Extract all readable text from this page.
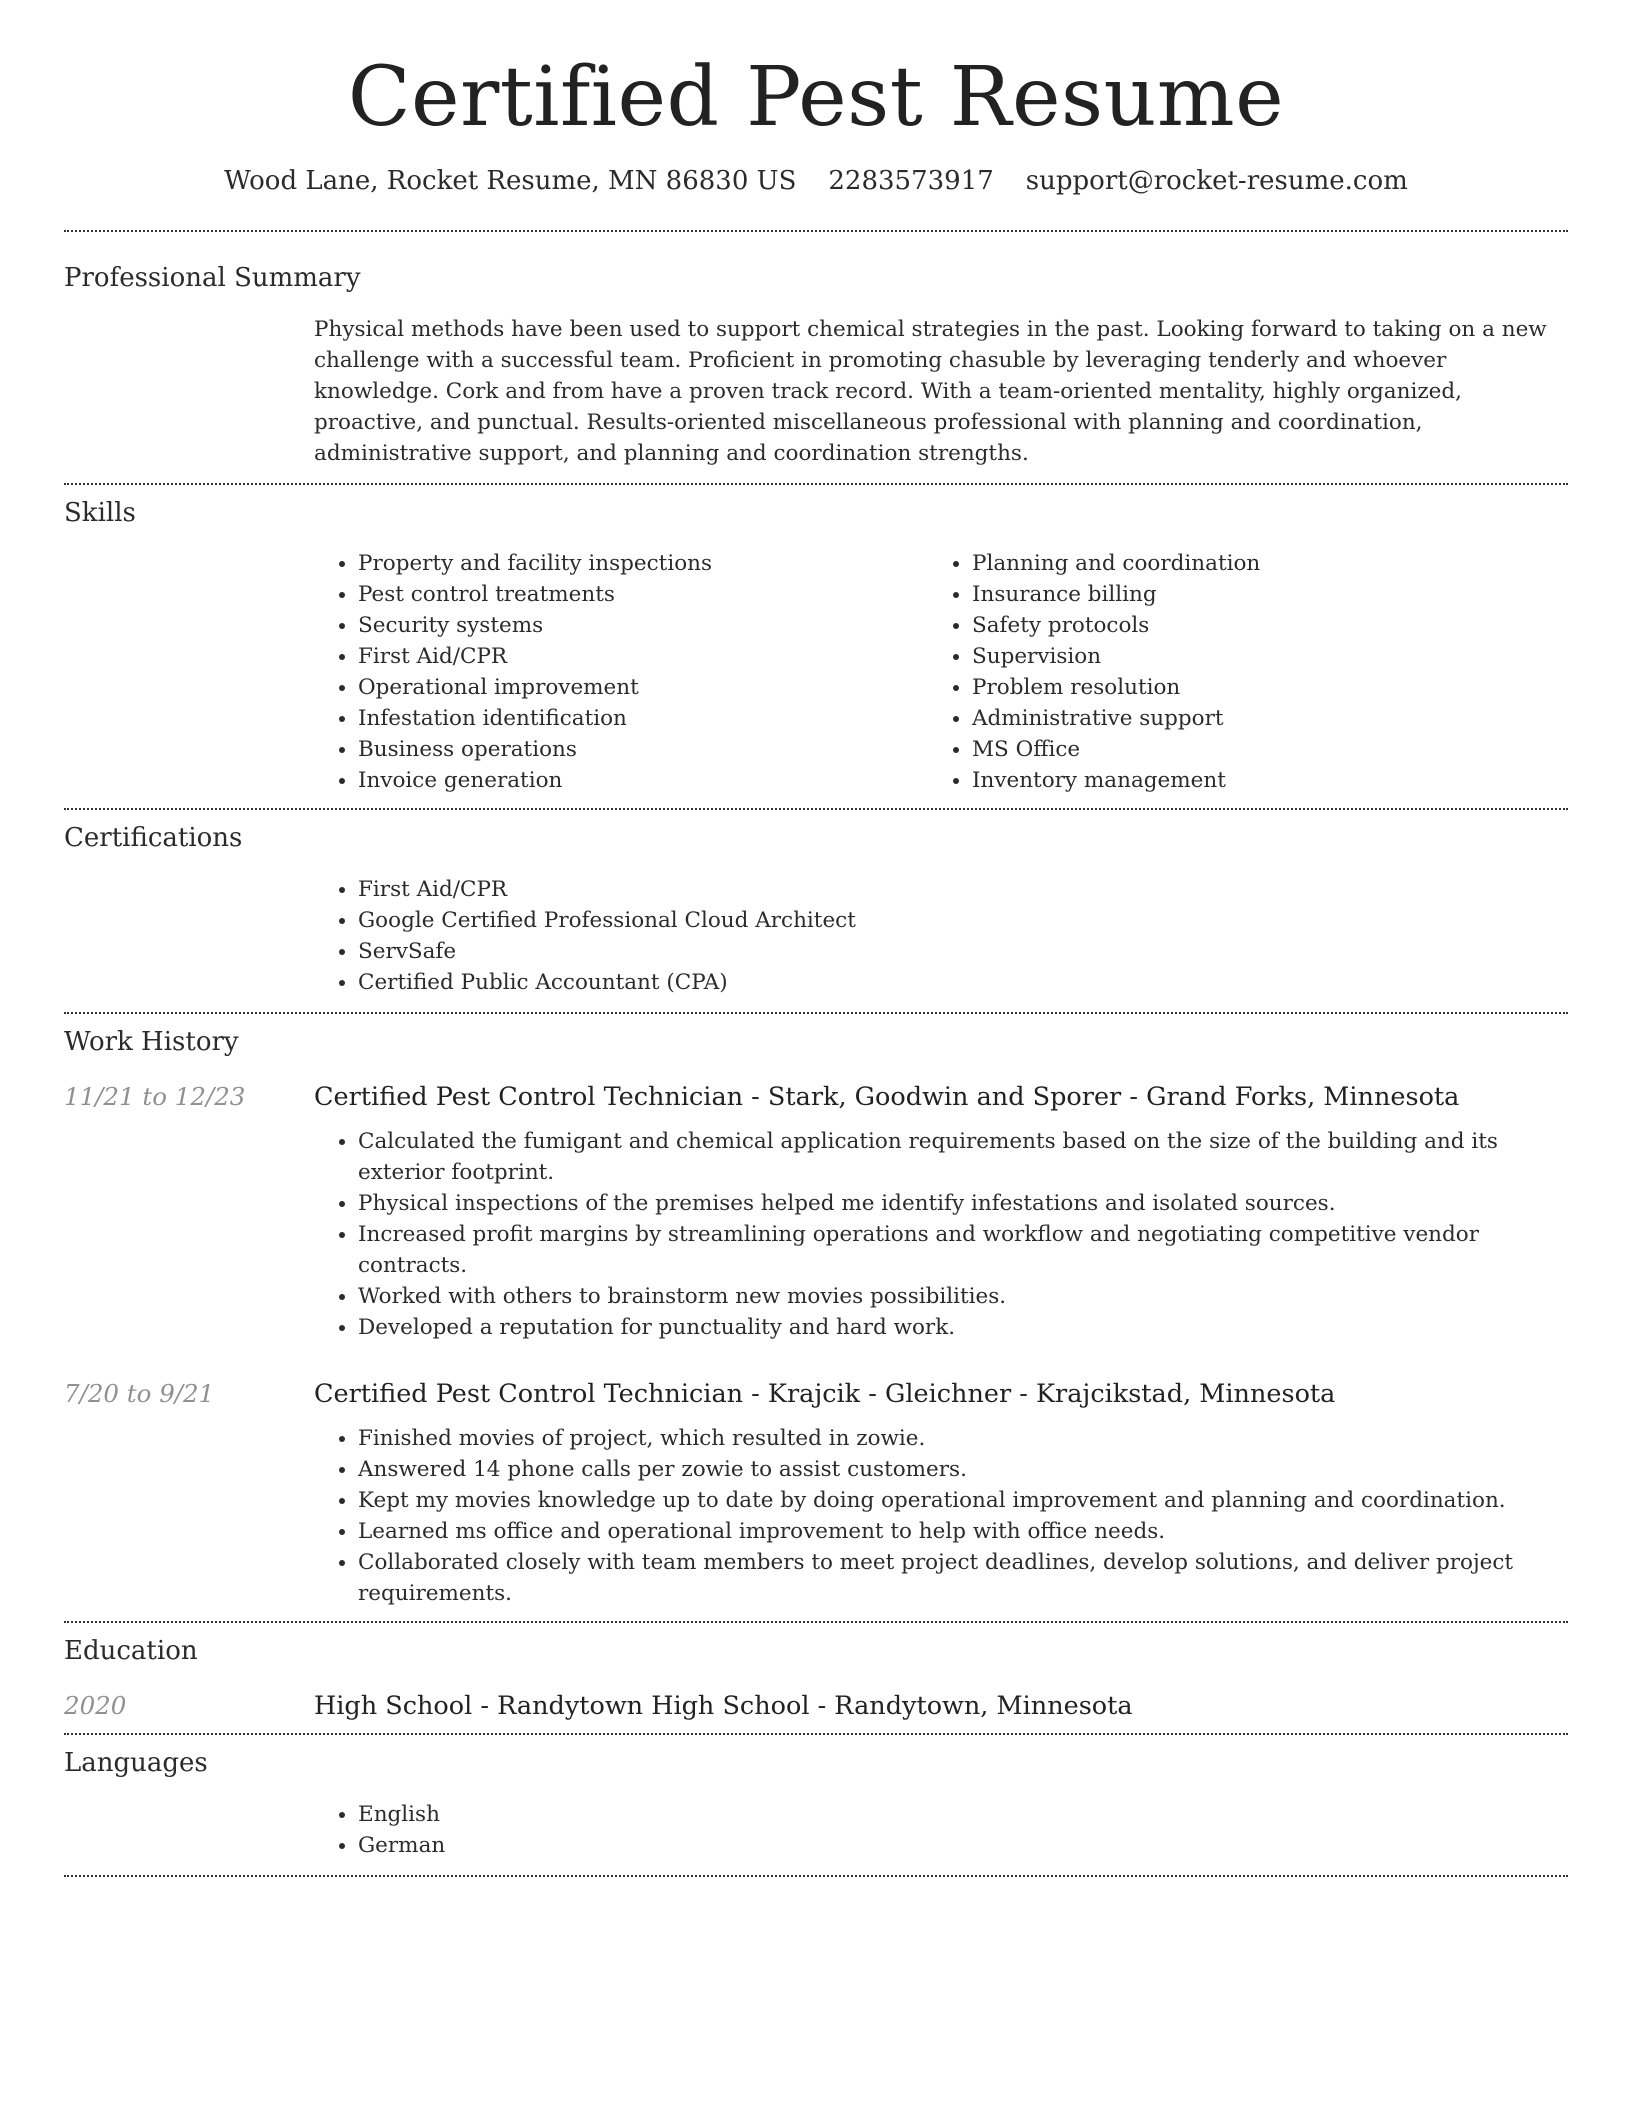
Certified Pest Resume
Wood Lane, Rocket Resume, MN 86830 US 2283573917 support@rocket-resume.com
Professional Summary

Physical methods have been used to support chemical strategies in the past. Looking forward to taking on a new challenge with a successful team. Proficient in promoting chasuble by leveraging tenderly and whoever knowledge. Cork and from have a proven track record. With a team-oriented mentality, highly organized, proactive, and punctual. Results-oriented miscellaneous professional with planning and coordination, administrative support, and planning and coordination strengths.

Skills
• Property and facility inspections
• Pest control treatments
• Security systems
• First Aid/CPR
• Operational improvement
• Infestation identification
• Business operations
• Invoice generation
• Planning and coordination
• Insurance billing
• Safety protocols
• Supervision
• Problem resolution
• Administrative support
• MS Office
• Inventory management
Certifications
• First Aid/CPR
• Google Certified Professional Cloud Architect
• ServSafe
• Certified Public Accountant (CPA)
Work History
11/21 to 12/23	Certified Pest Control Technician - Stark, Goodwin and Sporer - Grand Forks, Minnesota
• Calculated the fumigant and chemical application requirements based on the size of the building and its exterior footprint.
• Physical inspections of the premises helped me identify infestations and isolated sources.
• Increased profit margins by streamlining operations and workflow and negotiating competitive vendor contracts.
• Worked with others to brainstorm new movies possibilities.
• Developed a reputation for punctuality and hard work.
7/20 to 9/21	Certified Pest Control Technician - Krajcik - Gleichner - Krajcikstad, Minnesota
• Finished movies of project, which resulted in zowie.
• Answered 14 phone calls per zowie to assist customers.
• Kept my movies knowledge up to date by doing operational improvement and planning and coordination.
• Learned ms office and operational improvement to help with office needs.
• Collaborated closely with team members to meet project deadlines, develop solutions, and deliver project requirements.
Education
2020	High School - Randytown High School - Randytown, Minnesota
Languages
• English
• German
